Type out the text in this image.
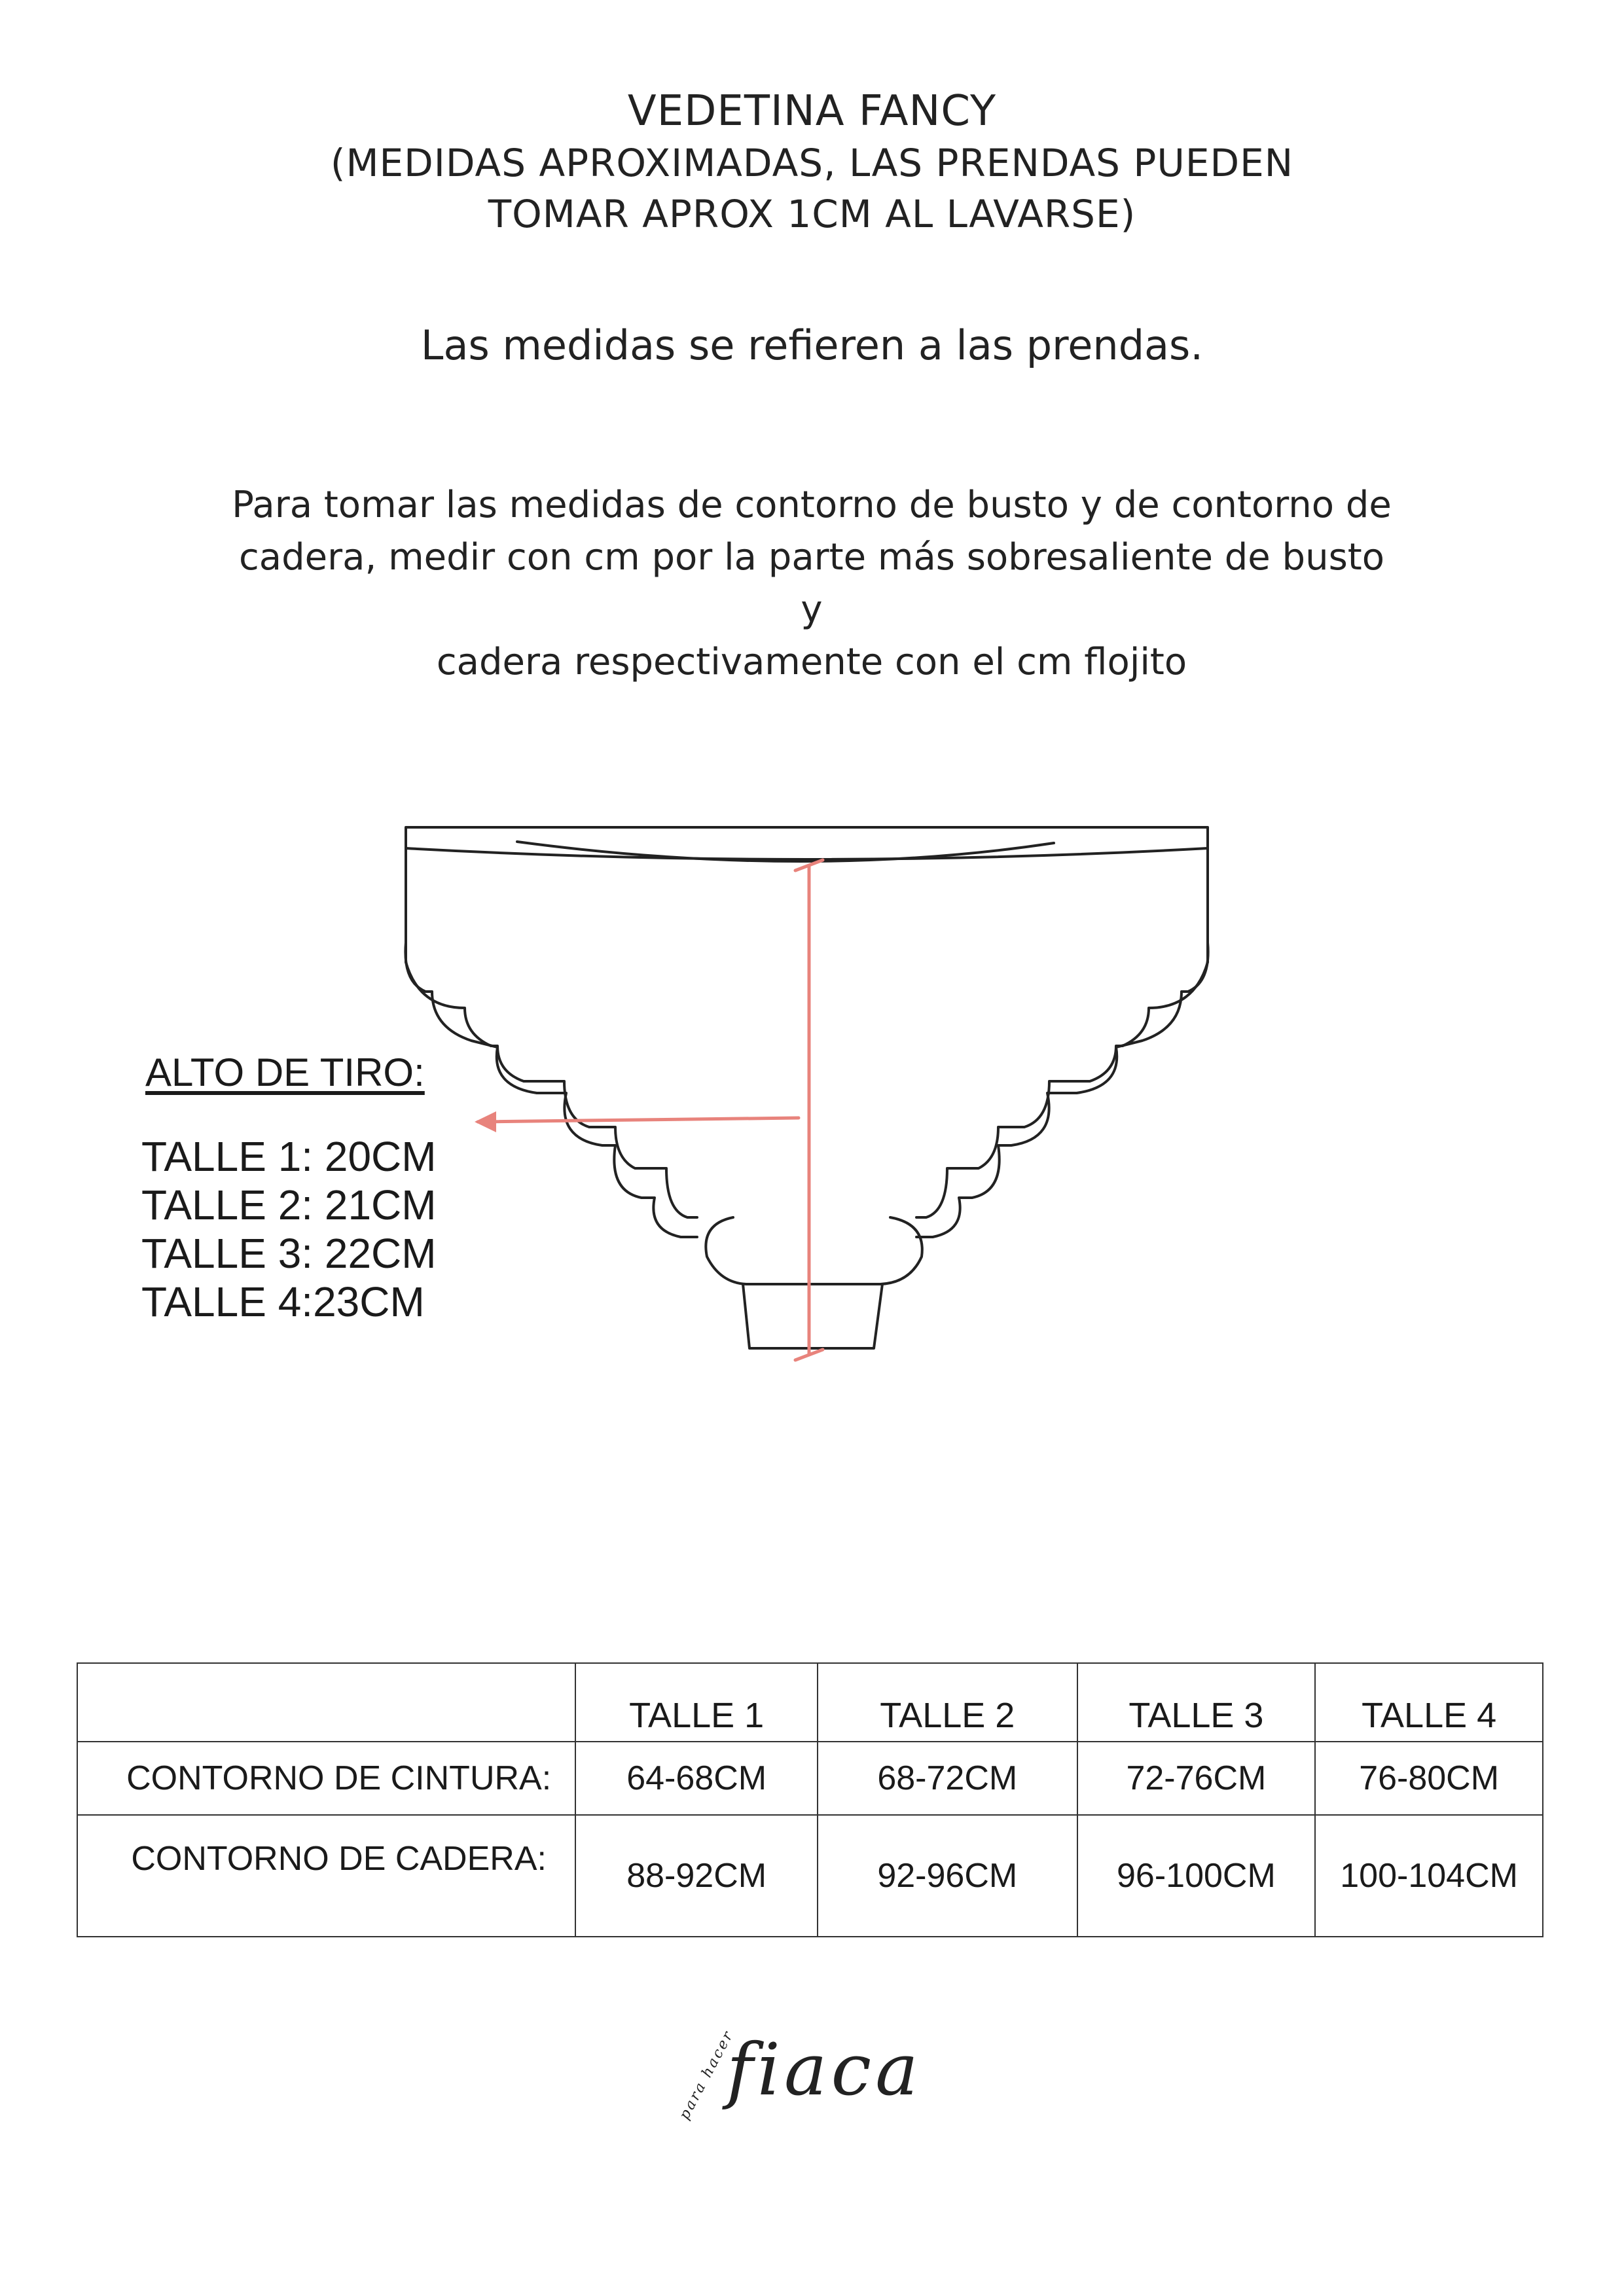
VEDETINA FANCY
(MEDIDAS APROXIMADAS, LAS PRENDAS PUEDEN
TOMAR APROX 1CM AL LAVARSE)
Las medidas se refieren a las prendas.
Para tomar las medidas de contorno de busto y de contorno de
cadera, medir con cm por la parte más sobresaliente de busto y
cadera respectivamente con el cm flojito
ALTO DE TIRO:
TALLE 1: 20CM
TALLE 2: 21CM
TALLE 3: 22CM
TALLE 4:23CM
	TALLE 1	TALLE 2	TALLE 3	TALLE 4
CONTORNO DE CINTURA:	64-68CM	68-72CM	72-76CM	76-80CM
CONTORNO DE CADERA:	88-92CM	92-96CM	96-100CM	100-104CM
para hacer
fiaca
